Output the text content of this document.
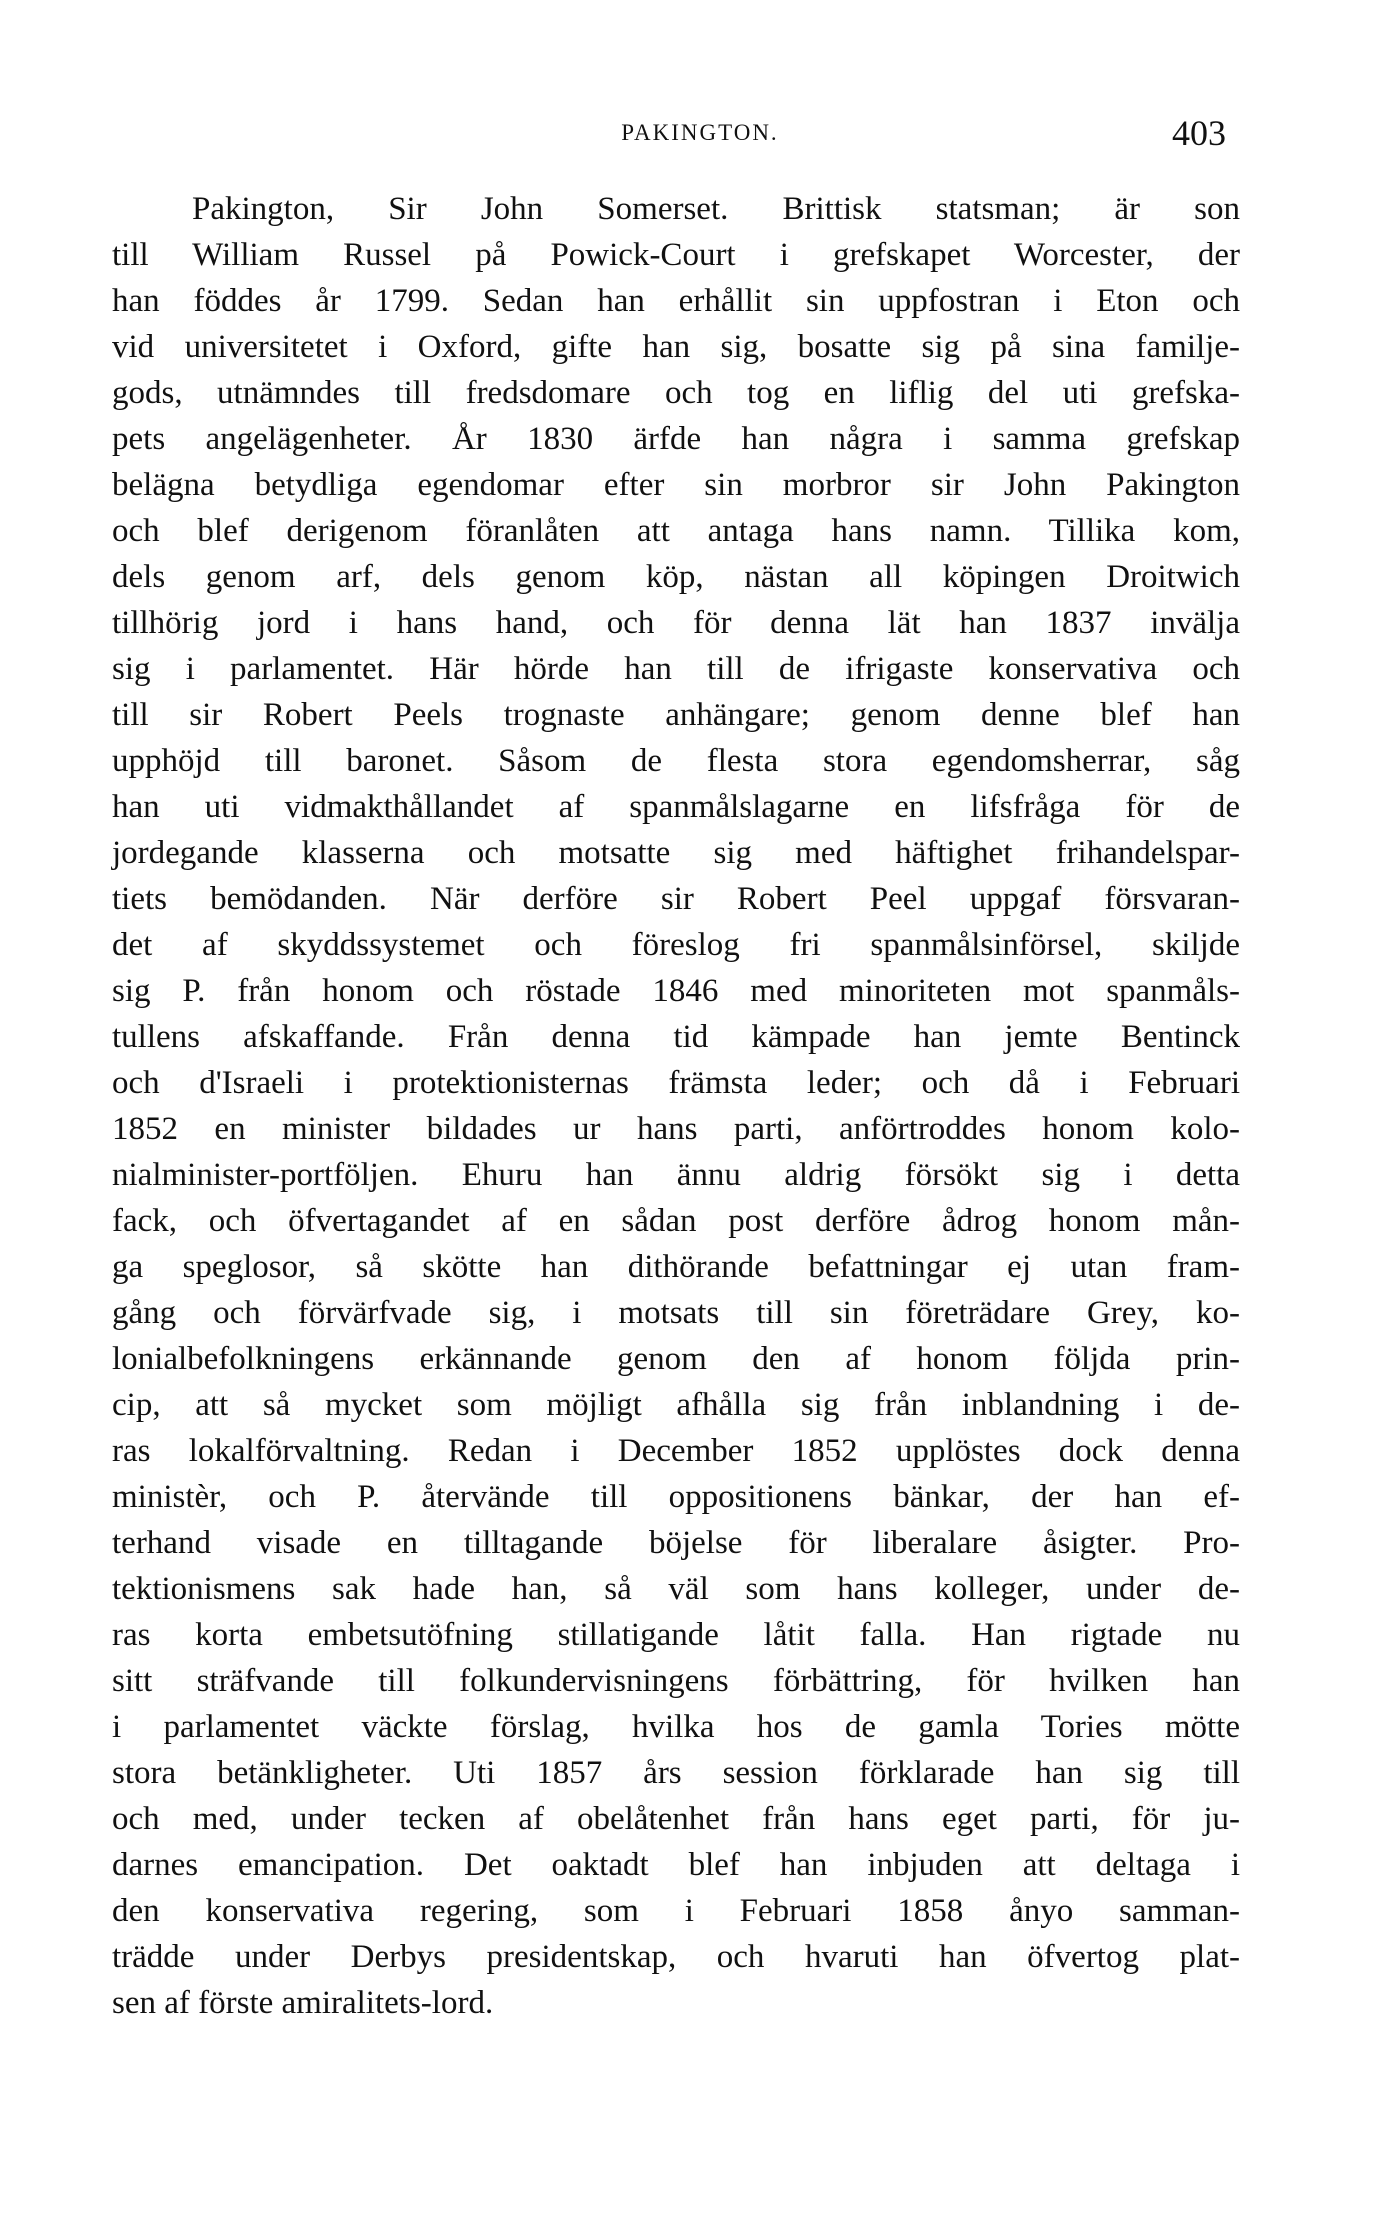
PAKINGTON.	403
Pakington, Sir John Somerset. Brittisk statsman; är son
till William Russel på Powick-Court i grefskapet Worcester, der
han föddes år 1799. Sedan han erhållit sin uppfostran i Eton och
vid universitetet i Oxford, gifte han sig, bosatte sig på sina familje-
gods, utnämndes till fredsdomare och tog en liflig del uti grefska-
pets angelägenheter. År 1830 ärfde han några i samma grefskap
belägna betydliga egendomar efter sin morbror sir John Pakington
och blef derigenom föranlåten att antaga hans namn. Tillika kom,
dels genom arf, dels genom köp, nästan all köpingen Droitwich
tillhörig jord i hans hand, och för denna lät han 1837 invälja
sig i parlamentet. Här hörde han till de ifrigaste konservativa och
till sir Robert Peels trognaste anhängare; genom denne blef han
upphöjd till baronet. Såsom de flesta stora egendomsherrar, såg
han uti vidmakthållandet af spanmålslagarne en lifsfråga för de
jordegande klasserna och motsatte sig med häftighet frihandelspar-
tiets bemödanden. När derföre sir Robert Peel uppgaf försvaran-
det af skyddssystemet och föreslog fri spanmålsinförsel, skiljde
sig P. från honom och röstade 1846 med minoriteten mot spanmåls-
tullens afskaffande. Från denna tid kämpade han jemte Bentinck
och d'Israeli i protektionisternas främsta leder; och då i Februari
1852 en minister bildades ur hans parti, anförtroddes honom kolo-
nialminister-portföljen. Ehuru han ännu aldrig försökt sig i detta
fack, och öfvertagandet af en sådan post derföre ådrog honom mån-
ga speglosor, så skötte han dithörande befattningar ej utan fram-
gång och förvärfvade sig, i motsats till sin företrädare Grey, ko-
lonialbefolkningens erkännande genom den af honom följda prin-
cip, att så mycket som möjligt afhålla sig från inblandning i de-
ras lokalförvaltning. Redan i December 1852 upplöstes dock denna
ministèr, och P. återvände till oppositionens bänkar, der han ef-
terhand visade en tilltagande böjelse för liberalare åsigter. Pro-
tektionismens sak hade han, så väl som hans kolleger, under de-
ras korta embetsutöfning stillatigande låtit falla. Han rigtade nu
sitt sträfvande till folkundervisningens förbättring, för hvilken han
i parlamentet väckte förslag, hvilka hos de gamla Tories mötte
stora betänkligheter. Uti 1857 års session förklarade han sig till
och med, under tecken af obelåtenhet från hans eget parti, för ju-
darnes emancipation. Det oaktadt blef han inbjuden att deltaga i
den konservativa regering, som i Februari 1858 ånyo samman-
trädde under Derbys presidentskap, och hvaruti han öfvertog plat-
sen af förste amiralitets-lord.
